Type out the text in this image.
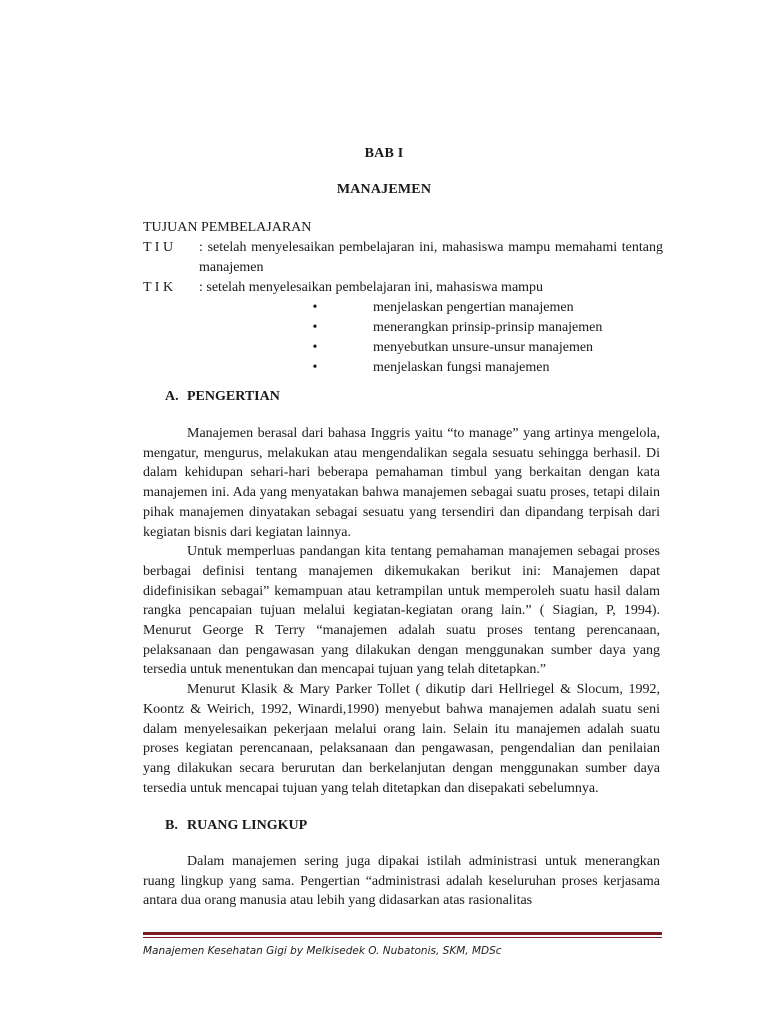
BAB I
MANAJEMEN
TUJUAN PEMBELAJARAN
T I U	: setelah menyelesaikan pembelajaran ini, mahasiswa mampu memahami tentang manajemen
T I K	: setelah menyelesaikan pembelajaran ini, mahasiswa mampu
•	menjelaskan pengertian manajemen
•	menerangkan prinsip-prinsip manajemen
•	menyebutkan unsure-unsur manajemen
•	menjelaskan fungsi manajemen
A. PENGERTIAN

Manajemen berasal dari bahasa Inggris yaitu “to manage” yang artinya mengelola, mengatur, mengurus, melakukan atau mengendalikan segala sesuatu sehingga berhasil. Di dalam kehidupan sehari-hari beberapa pemahaman timbul yang berkaitan dengan kata manajemen ini. Ada yang menyatakan bahwa manajemen sebagai suatu proses, tetapi dilain pihak manajemen dinyatakan sebagai sesuatu yang tersendiri dan dipandang terpisah dari kegiatan bisnis dari kegiatan lainnya.

Untuk memperluas pandangan kita tentang pemahaman manajemen sebagai proses berbagai definisi tentang manajemen dikemukakan berikut ini: Manajemen dapat didefinisikan sebagai” kemampuan atau ketrampilan untuk memperoleh suatu hasil dalam rangka pencapaian tujuan melalui kegiatan-kegiatan orang lain.” ( Siagian, P, 1994). Menurut George R Terry “manajemen adalah suatu proses tentang perencanaan, pelaksanaan dan pengawasan yang dilakukan dengan menggunakan sumber daya yang tersedia untuk menentukan dan mencapai tujuan yang telah ditetapkan.”

Menurut Klasik & Mary Parker Tollet ( dikutip dari Hellriegel & Slocum, 1992, Koontz & Weirich, 1992, Winardi,1990) menyebut bahwa manajemen adalah suatu seni dalam menyelesaikan pekerjaan melalui orang lain. Selain itu manajemen adalah suatu proses kegiatan perencanaan, pelaksanaan dan pengawasan, pengendalian dan penilaian yang dilakukan secara berurutan dan berkelanjutan dengan menggunakan sumber daya tersedia untuk mencapai tujuan yang telah ditetapkan dan disepakati sebelumnya.

B. RUANG LINGKUP

Dalam manajemen sering juga dipakai istilah administrasi untuk menerangkan ruang lingkup yang sama. Pengertian “administrasi adalah keseluruhan proses kerjasama antara dua orang manusia atau lebih yang didasarkan atas rasionalitas

Manajemen Kesehatan Gigi by Melkisedek O. Nubatonis, SKM, MDSc
